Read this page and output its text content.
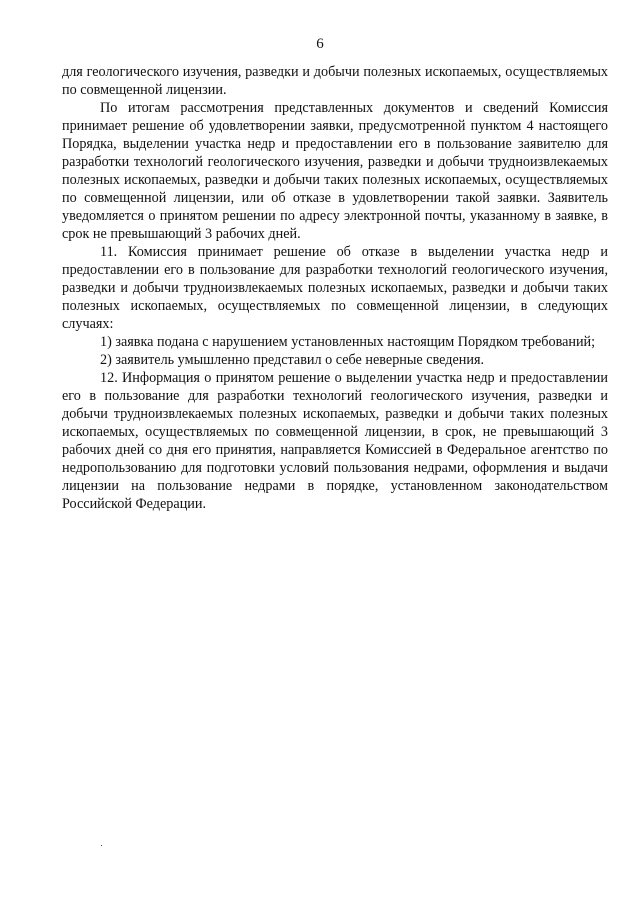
6

для геологического изучения, разведки и добычи полезных ископаемых, осуществляемых по совмещенной лицензии.

По итогам рассмотрения представленных документов и сведений Комиссия принимает решение об удовлетворении заявки, предусмотренной пунктом 4 настоящего Порядка, выделении участка недр и предоставлении его в пользование заявителю для разработки технологий геологического изучения, разведки и добычи трудноизвлекаемых полезных ископаемых, разведки и добычи таких полезных ископаемых, осуществляемых по совмещенной лицензии, или об отказе в удовлетворении такой заявки. Заявитель уведомляется о принятом решении по адресу электронной почты, указанному в заявке, в срок не превышающий 3 рабочих дней.

11. Комиссия принимает решение об отказе в выделении участка недр и предоставлении его в пользование для разработки технологий геологического изучения, разведки и добычи трудноизвлекаемых полезных ископаемых, разведки и добычи таких полезных ископаемых, осуществляемых по совмещенной лицензии, в следующих случаях:

1) заявка подана с нарушением установленных настоящим Порядком требований;

2) заявитель умышленно представил о себе неверные сведения.

12. Информация о принятом решение о выделении участка недр и предоставлении его в пользование для разработки технологий геологического изучения, разведки и добычи трудноизвлекаемых полезных ископаемых, разведки и добычи таких полезных ископаемых, осуществляемых по совмещенной лицензии, в срок, не превышающий 3 рабочих дней со дня его принятия, направляется Комиссией в Федеральное агентство по недропользованию для подготовки условий пользования недрами, оформления и выдачи лицензии на пользование недрами в порядке, установленном законодательством Российской Федерации.
